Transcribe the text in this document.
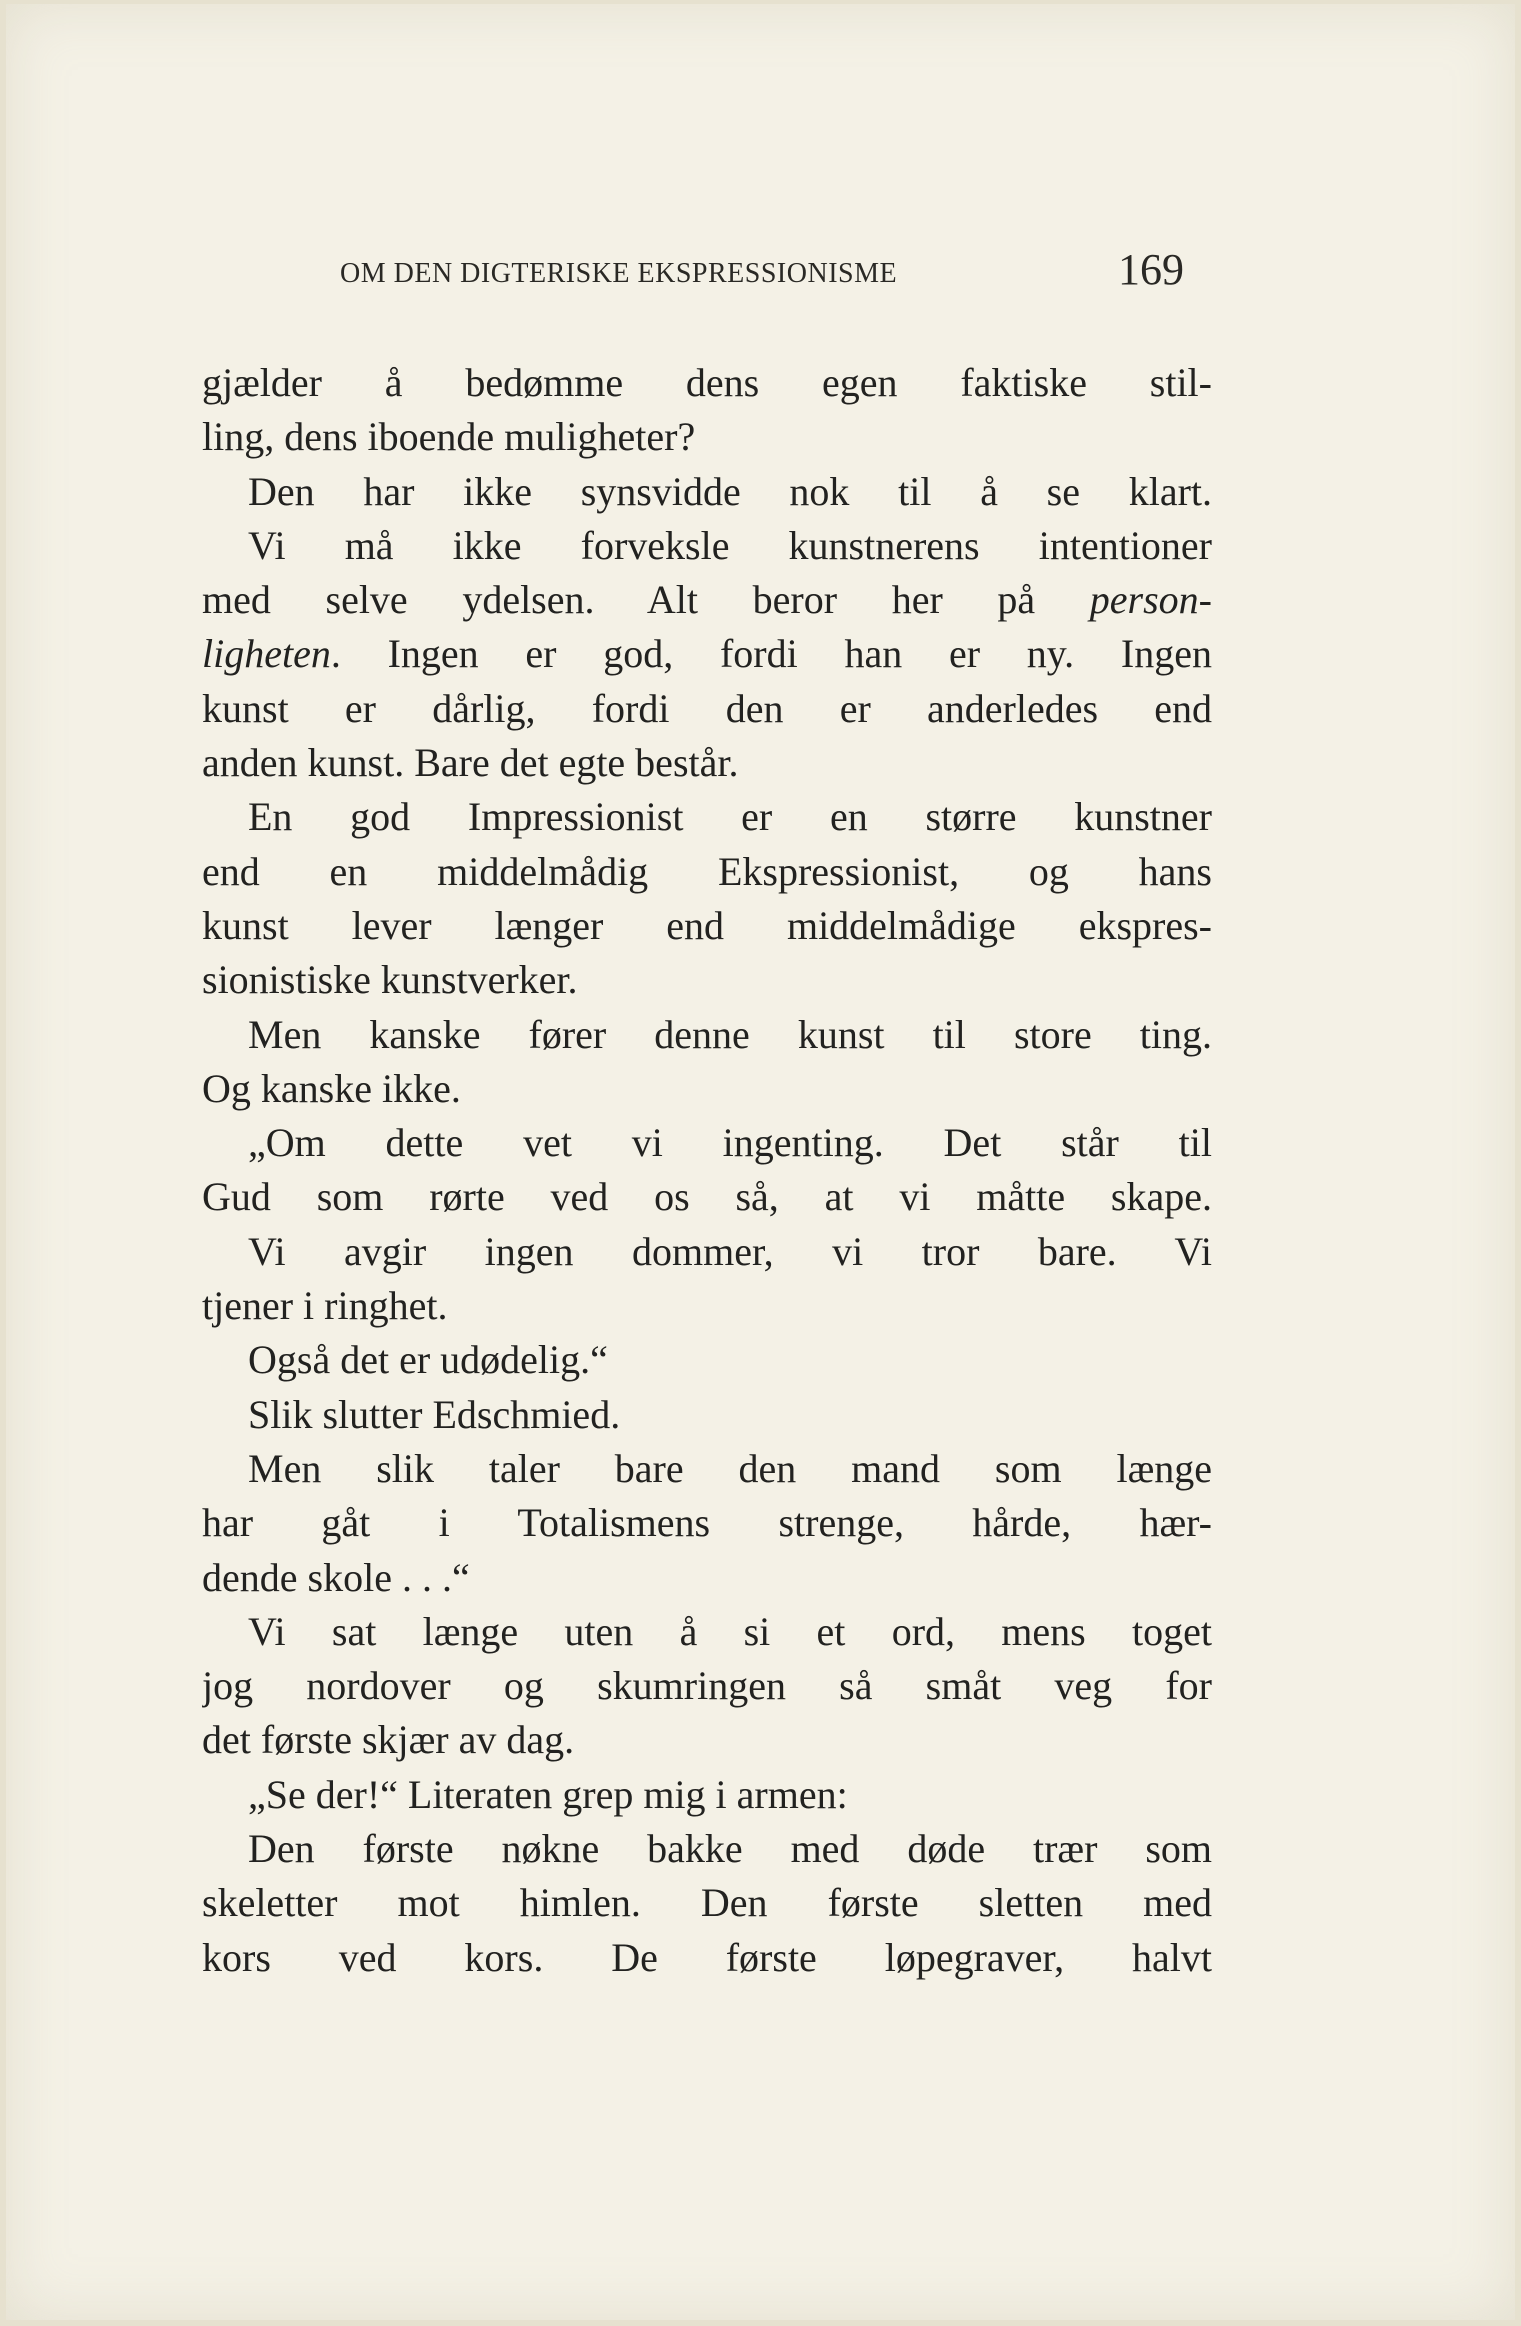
OM DEN DIGTERISKE EKSPRESSIONISME	169
gjælder å bedømme dens egen faktiske stil-
ling, dens iboende muligheter?
Den har ikke synsvidde nok til å se klart.
Vi må ikke forveksle kunstnerens intentioner
med selve ydelsen. Alt beror her på person-
ligheten. Ingen er god, fordi han er ny. Ingen
kunst er dårlig, fordi den er anderledes end
anden kunst. Bare det egte består.
En god Impressionist er en større kunstner
end en middelmådig Ekspressionist, og hans
kunst lever længer end middelmådige ekspres-
sionistiske kunstverker.
Men kanske fører denne kunst til store ting.
Og kanske ikke.
„Om dette vet vi ingenting. Det står til
Gud som rørte ved os så, at vi måtte skape.
Vi avgir ingen dommer, vi tror bare. Vi
tjener i ringhet.
Også det er udødelig.“
Slik slutter Edschmied.
Men slik taler bare den mand som længe
har gåt i Totalismens strenge, hårde, hær-
dende skole . . .“
Vi sat længe uten å si et ord, mens toget
jog nordover og skumringen så småt veg for
det første skjær av dag.
„Se der!“ Literaten grep mig i armen:
Den første nøkne bakke med døde trær som
skeletter mot himlen. Den første sletten med
kors ved kors. De første løpegraver, halvt
